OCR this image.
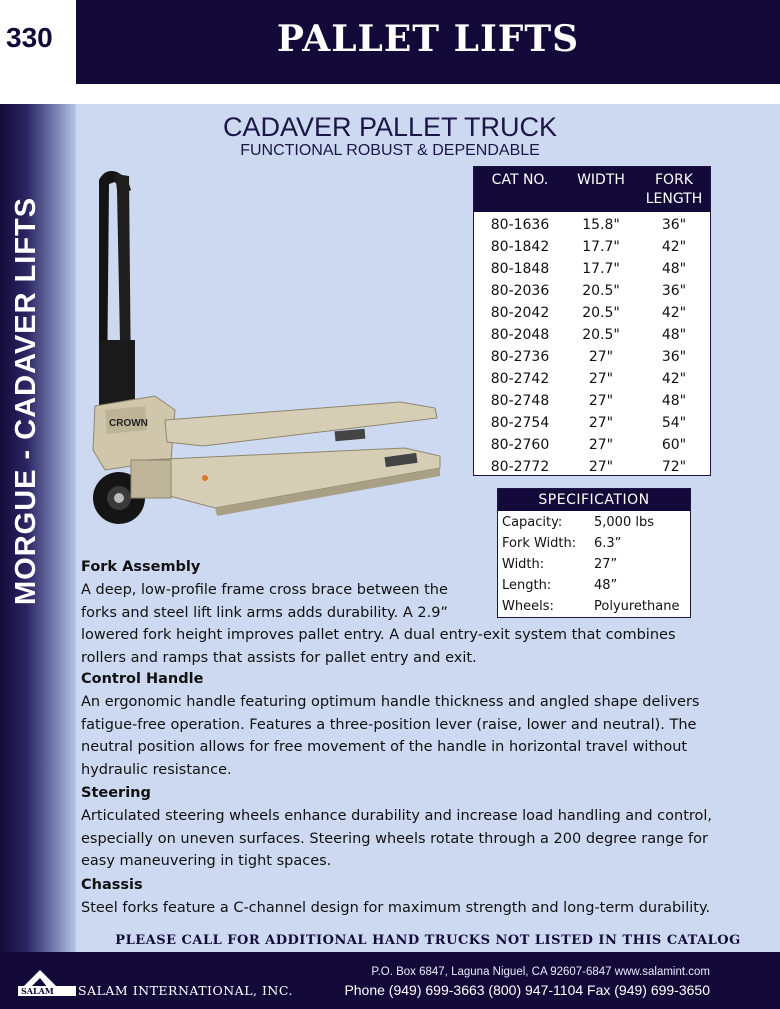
330	PALLET LIFTS
MORGUE - CADAVER LIFTS
CADAVER PALLET TRUCK
FUNCTIONAL ROBUST & DEPENDABLE
CROWN
CAT NO.	WIDTH	FORK
LENGTH
80-1636	15.8"	36"
80-1842	17.7"	42"
80-1848	17.7"	48"
80-2036	20.5"	36"
80-2042	20.5"	42"
80-2048	20.5"	48"
80-2736	27"	36"
80-2742	27"	42"
80-2748	27"	48"
80-2754	27"	54"
80-2760	27"	60"
80-2772	27"	72"
SPECIFICATION
Capacity: 5,000 lbs
Fork Width: 6.3”
Width:	27”
Length:	48”
Wheels:	Polyurethane
Fork Assembly
A deep, low-profile frame cross brace between the
forks and steel lift link arms adds durability. A 2.9”
lowered fork height improves pallet entry. A dual entry-exit system that combines
rollers and ramps that assists for pallet entry and exit.
Control Handle
An ergonomic handle featuring optimum handle thickness and angled shape delivers
fatigue-free operation. Features a three-position lever (raise, lower and neutral). The
neutral position allows for free movement of the handle in horizontal travel without
hydraulic resistance.
Steering
Articulated steering wheels enhance durability and increase load handling and control,
especially on uneven surfaces. Steering wheels rotate through a 200 degree range for
easy maneuvering in tight spaces.
Chassis
Steel forks feature a C-channel design for maximum strength and long-term durability.
PLEASE CALL FOR ADDITIONAL HAND TRUCKS NOT LISTED IN THIS CATALOG
SALAM SALAM INTERNATIONAL, INC.
P.O. Box 6847, Laguna Niguel, CA 92607-6847 www.salamint.com
Phone (949) 699-3663 (800) 947-1104 Fax (949) 699-3650
